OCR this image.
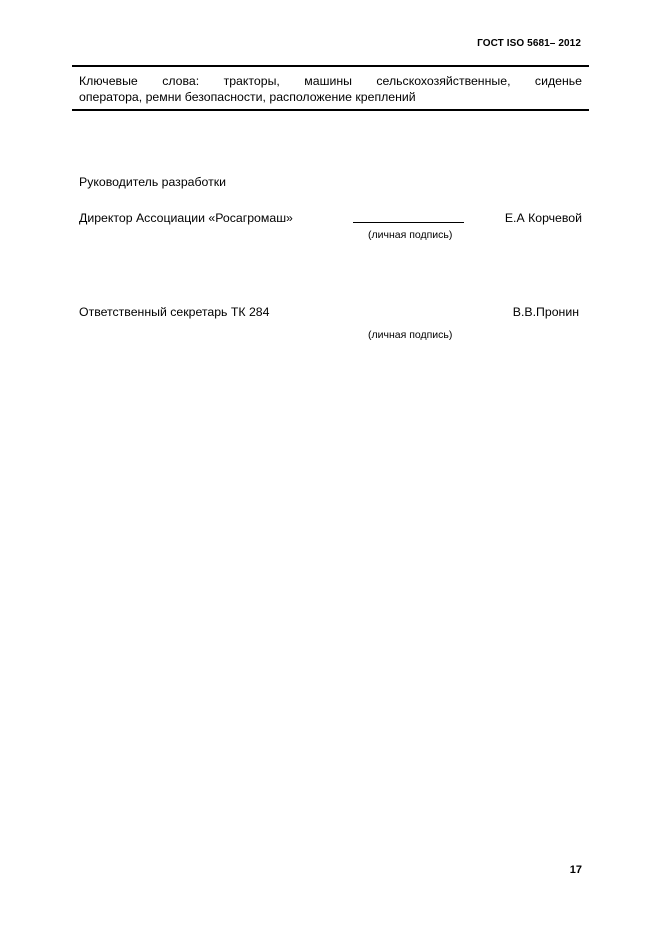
ГОСТ ISO 5681– 2012
Ключевые слова: тракторы, машины сельскохозяйственные, сиденье
оператора, ремни безопасности, расположение креплений
Руководитель разработки
Директор Ассоциации «Росагромаш»
(личная подпись)
Е.А Корчевой
Ответственный секретарь ТК 284
(личная подпись)
В.В.Пронин
17
